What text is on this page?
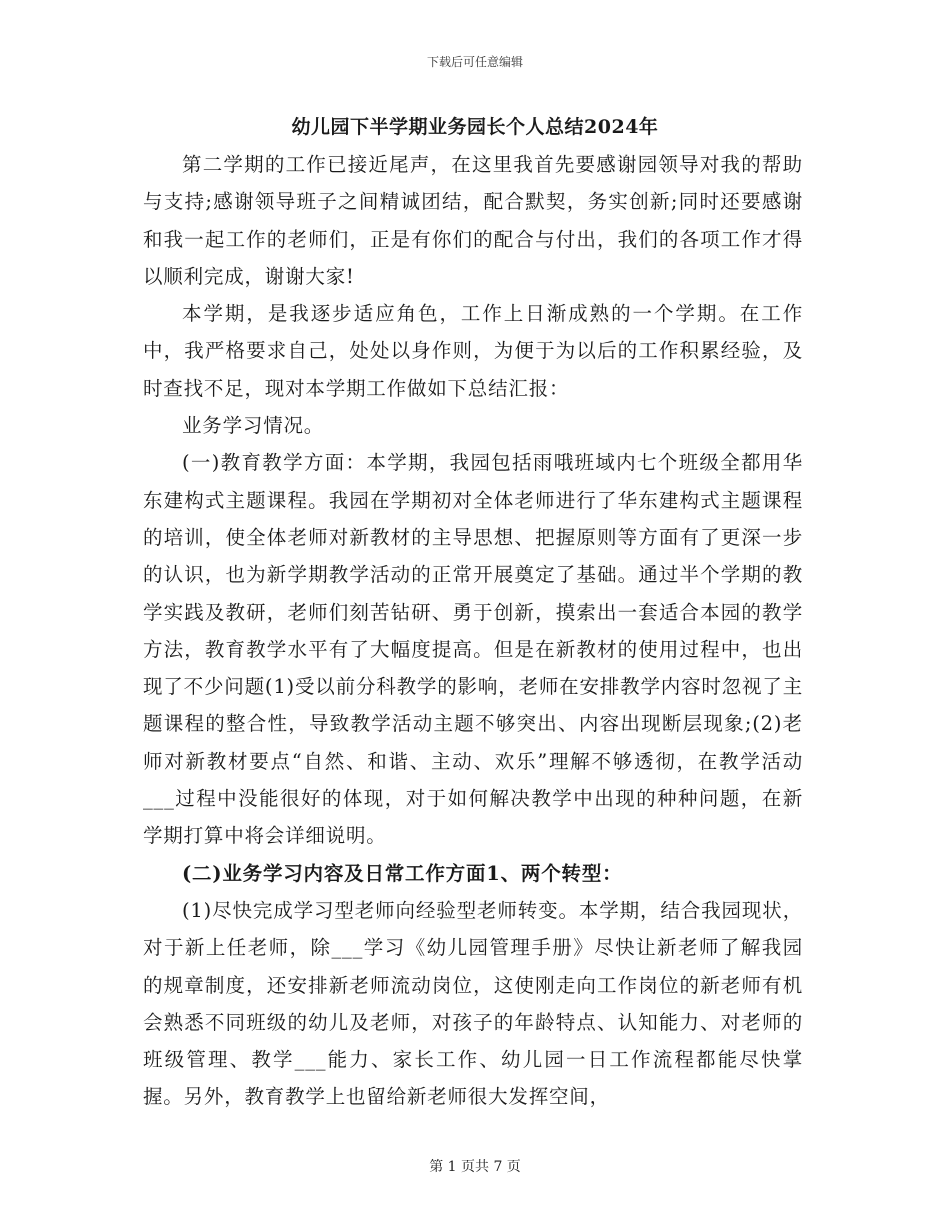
下载后可任意编辑
幼儿园下半学期业务园长个人总结2024年

第二学期的工作已接近尾声，在这里我首先要感谢园领导对我的帮助与支持;感谢领导班子之间精诚团结，配合默契，务实创新;同时还要感谢和我一起工作的老师们，正是有你们的配合与付出，我们的各项工作才得以顺利完成，谢谢大家!

本学期，是我逐步适应角色，工作上日渐成熟的一个学期。在工作中，我严格要求自己，处处以身作则，为便于为以后的工作积累经验，及时查找不足，现对本学期工作做如下总结汇报：

业务学习情况。

(一)教育教学方面：本学期，我园包括雨哦班域内七个班级全都用华东建构式主题课程。我园在学期初对全体老师进行了华东建构式主题课程的培训，使全体老师对新教材的主导思想、把握原则等方面有了更深一步的认识，也为新学期教学活动的正常开展奠定了基础。通过半个学期的教学实践及教研，老师们刻苦钻研、勇于创新，摸索出一套适合本园的教学方法，教育教学水平有了大幅度提高。但是在新教材的使用过程中，也出现了不少问题(1)受以前分科教学的影响，老师在安排教学内容时忽视了主题课程的整合性，导致教学活动主题不够突出、内容出现断层现象;(2)老师对新教材要点“自然、和谐、主动、欢乐”理解不够透彻，在教学活动___过程中没能很好的体现，对于如何解决教学中出现的种种问题，在新学期打算中将会详细说明。

(二)业务学习内容及日常工作方面1、两个转型：

(1)尽快完成学习型老师向经验型老师转变。本学期，结合我园现状，对于新上任老师，除___学习《幼儿园管理手册》尽快让新老师了解我园的规章制度，还安排新老师流动岗位，这使刚走向工作岗位的新老师有机会熟悉不同班级的幼儿及老师，对孩子的年龄特点、认知能力、对老师的班级管理、教学___能力、家长工作、幼儿园一日工作流程都能尽快掌握。另外，教育教学上也留给新老师很大发挥空间，

第 1 页共 7 页
